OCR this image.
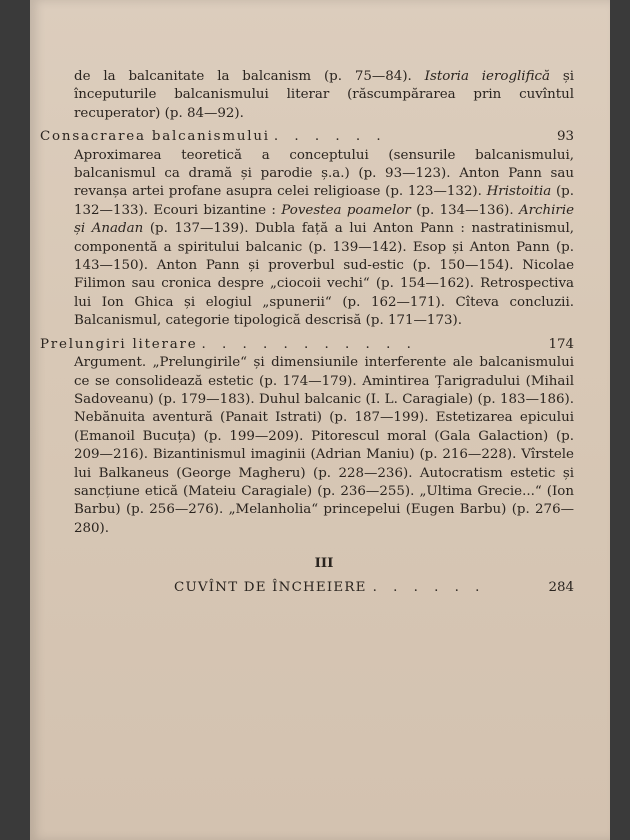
de la balcanitate la balcanism (p. 75—84). Istoria ieroglifică și începuturile balcanismului literar (răscumpărarea prin cuvîntul recuperator) (p. 84—92).

Consacrarea balcanismului . . . . . .	93

Aproximarea teoretică a conceptului (sensurile balcanismului, balcanismul ca dramă și parodie ș.a.) (p. 93—123). Anton Pann sau revanșa artei profane asupra celei religioase (p. 123—132). Hristoitia (p. 132—133). Ecouri bizantine : Povestea poamelor (p. 134—136). Archirie și Anadan (p. 137—139). Dubla față a lui Anton Pann : nastratinismul, componentă a spiritului balcanic (p. 139—142). Esop și Anton Pann (p. 143—150). Anton Pann și proverbul sud-estic (p. 150—154). Nicolae Filimon sau cronica despre „ciocoii vechi“ (p. 154—162). Retrospectiva lui Ion Ghica și elogiul „spunerii“ (p. 162—171). Cîteva concluzii. Balcanismul, categorie tipologică descrisă (p. 171—173).

Prelungiri literare . . . . . . . . . . .	174

Argument. „Prelungirile“ și dimensiunile interferente ale balcanismului ce se consolidează estetic (p. 174—179). Amintirea Țarigradului (Mihail Sadoveanu) (p. 179—183). Duhul balcanic (I. L. Caragiale) (p. 183—186). Nebănuita aventură (Panait Istrati) (p. 187—199). Estetizarea epicului (Emanoil Bucuța) (p. 199—209). Pitorescul moral (Gala Galaction) (p. 209—216). Bizantinismul imaginii (Adrian Maniu) (p. 216—228). Vîrstele lui Balkaneus (George Magheru) (p. 228—236). Autocratism estetic și sancțiune etică (Mateiu Caragiale) (p. 236—255). „Ultima Grecie...“ (Ion Barbu) (p. 256—276). „Melanholia“ princepelui (Eugen Barbu) (p. 276—280).

III
CUVÎNT DE ÎNCHEIERE . . . . . .	284
